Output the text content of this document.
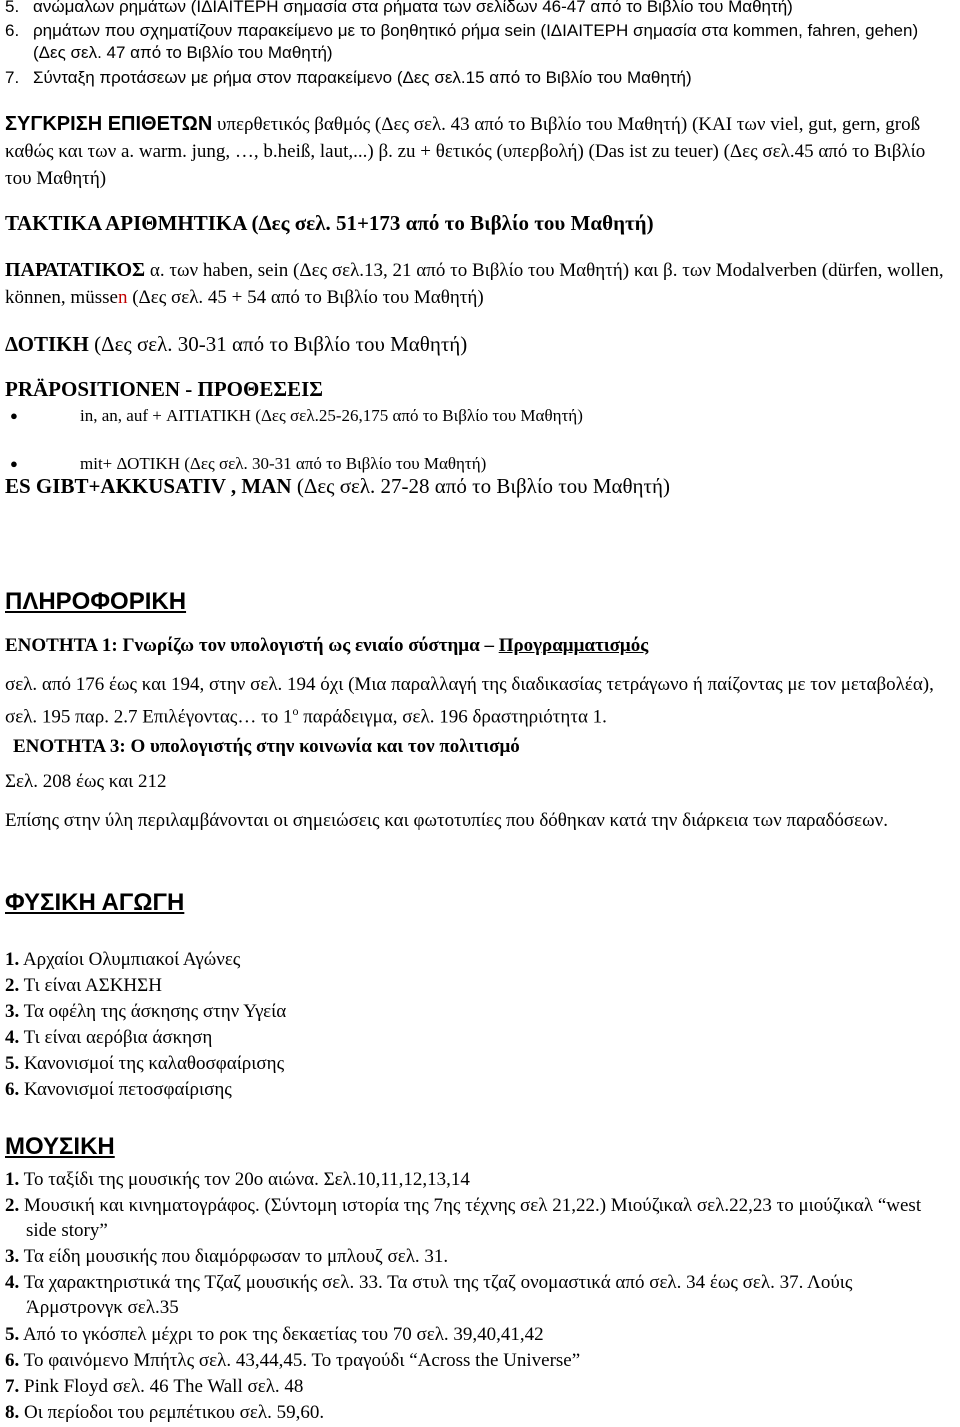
5. ανώμαλων ρημάτων (ΙΔΙΑΙΤΕΡΗ σημασία στα ρήματα των σελίδων 46-47 από το Βιβλίο του Μαθητή)
6. ρημάτων που σχηματίζουν παρακείμενο με το βοηθητικό ρήμα sein (ΙΔΙΑΙΤΕΡΗ σημασία στα kommen, fahren, gehen) (Δες σελ. 47 από το Βιβλίο του Μαθητή)
7. Σύνταξη προτάσεων με ρήμα στον παρακείμενο (Δες σελ.15 από το Βιβλίο του Μαθητή)
ΣΥΓΚΡΙΣΗ ΕΠΙΘΕΤΩΝ υπερθετικός βαθμός (Δες σελ. 43 από το Βιβλίο του Μαθητή) (ΚΑΙ των viel, gut, gern, groß καθώς και των a. warm. jung, …, b.heiß, laut,...) β. zu + θετικός (υπερβολή) (Das ist zu teuer) (Δες σελ.45 από το Βιβλίο του Μαθητή)
ΤΑΚΤΙΚΑ ΑΡΙΘΜΗΤΙΚΑ (Δες σελ. 51+173 από το Βιβλίο του Μαθητή)
ΠΑΡΑΤΑΤΙΚΟΣ α. των haben, sein (Δες σελ.13, 21 από το Βιβλίο του Μαθητή) και β. των Modalverben (dürfen, wollen, können, müssen (Δες σελ. 45 + 54 από το Βιβλίο του Μαθητή)
ΔΟΤΙΚΗ (Δες σελ. 30-31 από το Βιβλίο του Μαθητή)
PRÄPOSITIONEN - ΠΡΟΘΕΣΕΙΣ
● in, an, auf + ΑΙΤΙΑΤΙΚΗ (Δες σελ.25-26,175 από το Βιβλίο του Μαθητή)
● mit+ ΔΟΤΙΚΗ (Δες σελ. 30-31 από το Βιβλίο του Μαθητή)
ES GIBT+AKKUSATIV , MAN (Δες σελ. 27-28 από το Βιβλίο του Μαθητή)
ΠΛΗΡΟΦΟΡΙΚΗ
ΕΝΟΤΗΤΑ 1: Γνωρίζω τον υπολογιστή ως ενιαίο σύστημα – Προγραμματισμός
σελ. από 176 έως και 194, στην σελ. 194 όχι (Μια παραλλαγή της διαδικασίας τετράγωνο ή παίζοντας με τον μεταβολέα), σελ. 195 παρ. 2.7 Επιλέγοντας… το $1^o$ παράδειγμα, σελ. 196 δραστηριότητα 1.
ΕΝΟΤΗΤΑ 3: Ο υπολογιστής στην κοινωνία και τον πολιτισμό
Σελ. 208 έως και 212
Επίσης στην ύλη περιλαμβάνονται οι σημειώσεις και φωτοτυπίες που δόθηκαν κατά την διάρκεια των παραδόσεων.
ΦΥΣΙΚΗ ΑΓΩΓΗ
1. Αρχαίοι Ολυμπιακοί Αγώνες
2. Τι είναι ΑΣΚΗΣΗ
3. Τα οφέλη της άσκησης στην Υγεία
4. Τι είναι αερόβια άσκηση
5. Κανονισμοί της καλαθοσφαίρισης
6. Κανονισμοί πετοσφαίρισης
ΜΟΥΣΙΚΗ
1. Το ταξίδι της μουσικής τον 20ο αιώνα. Σελ.10,11,12,13,14
2. Μουσική και κινηματογράφος. (Σύντομη ιστορία της 7ης τέχνης σελ 21,22.) Μιούζικαλ σελ.22,23 το μιούζικαλ “west side story”
3. Τα είδη μουσικής που διαμόρφωσαν το μπλουζ σελ. 31.
4. Τα χαρακτηριστικά της Τζαζ μουσικής σελ. 33. Τα στυλ της τζαζ ονομαστικά από σελ. 34 έως σελ. 37. Λούις Άρμστρονγκ σελ.35
5. Από το γκόσπελ μέχρι το ροκ της δεκαετίας του 70 σελ. 39,40,41,42
6. Το φαινόμενο Μπήτλς σελ. 43,44,45. Το τραγούδι “Across the Universe”
7. Pink Floyd σελ. 46 The Wall σελ. 48
8. Οι περίοδοι του ρεμπέτικου σελ. 59,60.
